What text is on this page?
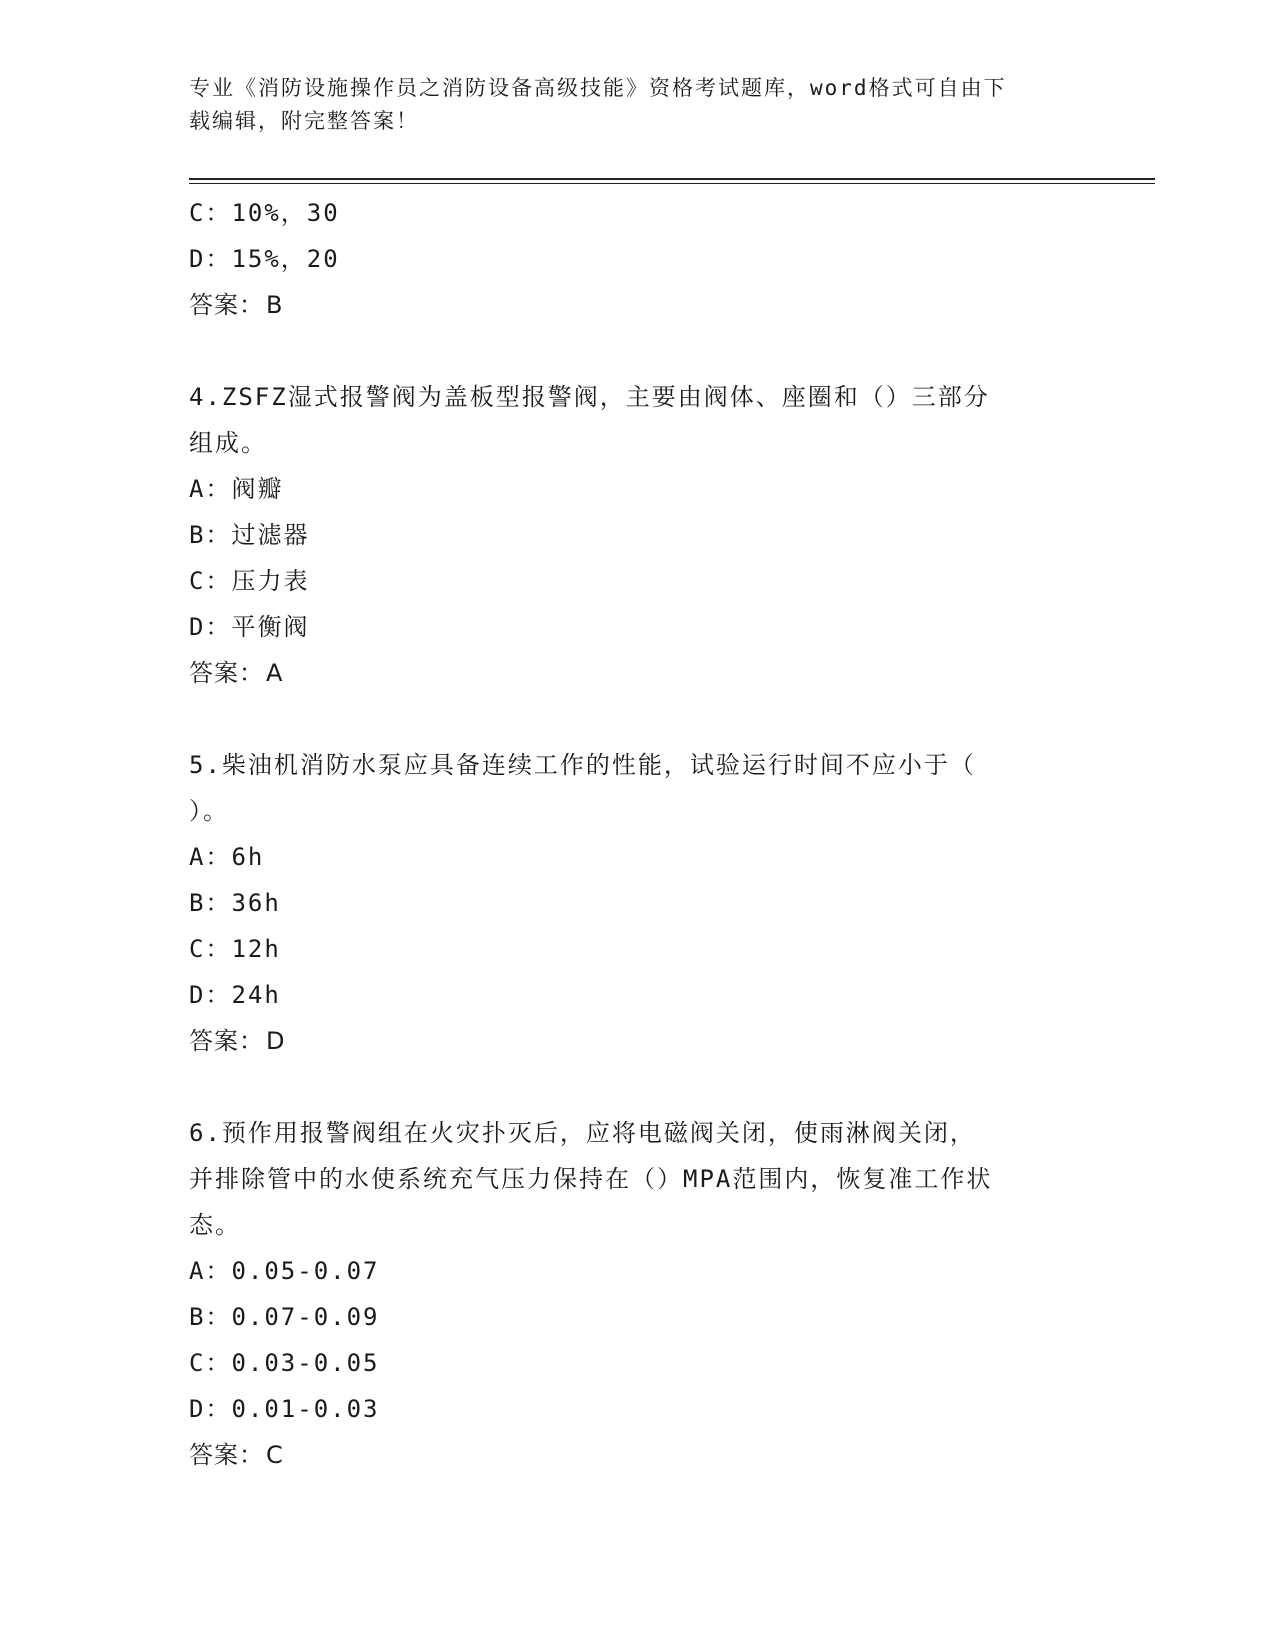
专业《消防设施操作员之消防设备高级技能》资格考试题库，word格式可自由下
载编辑，附完整答案！
C：10%，30
D：15%，20
答案：B
4.ZSFZ湿式报警阀为盖板型报警阀，主要由阀体、座圈和（）三部分
组成。
A：阀瓣
B：过滤器
C：压力表
D：平衡阀
答案：A
5.柴油机消防水泵应具备连续工作的性能，试验运行时间不应小于（
）。
A：6h
B：36h
C：12h
D：24h
答案：D
6.预作用报警阀组在火灾扑灭后，应将电磁阀关闭，使雨淋阀关闭，
并排除管中的水使系统充气压力保持在（）MPA范围内，恢复准工作状
态。
A：0.05-0.07
B：0.07-0.09
C：0.03-0.05
D：0.01-0.03
答案：C
